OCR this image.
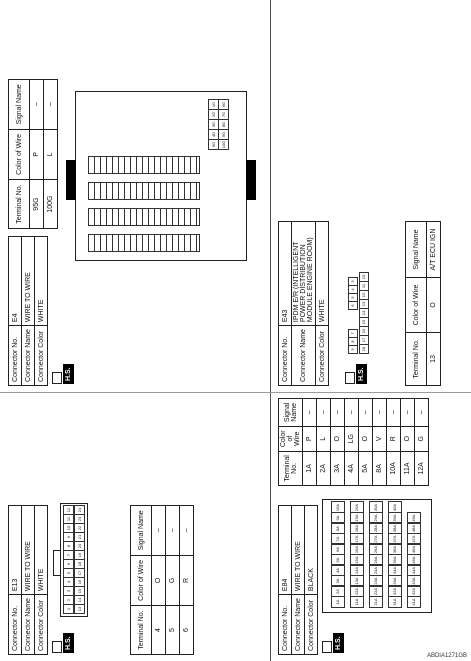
Connector No.	E13
Connector Name	WIRE TO WIRE
Connector Color	WHITE
H.S.
1
2
3
4
5
6
7
8
9
10
11
12
13
14
15
16
17
18
19
20
21
22
23
24
Terminal No.	Color of Wire	Signal Name
4	O	–
5	G	–
6	R	–
Connector No.	E84
Connector Name	WIRE TO WIRE
Connector Color	BLACK
H.S.
1A
2A
3A
4A
5A
6A
7A
8A
9A
10A
11A
12A
13A
14A
15A
16A
17A
18A
19A
20A
21A
22A
23A
24A
25A
26A
27A
28A
29A
30A
31A
32A
33A
34A
35A
36A
37A
38A
39A
40A
41A
42A
43A
44A
45A
46A
47A
48A
49A
Terminal No.	Color of Wire	Signal Name
1A	P	–
2A	L	–
3A	O	–
4A	LG	–
5A	O	–
8A	V	–
10A	R	–
11A	O	–
12A	G	–
Connector No.	E4
Connector Name	WIRE TO WIRE
Connector Color	WHITE
H.S.
5G
4G
3G
2G
1G
10G
9G
8G
7G
6G
Terminal No.	Color of Wire	Signal Name
95G	P	–
100G	L	–
Connector No.	E43
Connector Name	IPDM E/R (INTELLIGENT POWER DISTRIBUTION MODULE ENGINE ROOM)
Connector Color	WHITE
H.S.
9
8
7
6
5
4
3
18
17
16
15
14
13
12
11
10
Terminal No.	Color of Wire	Signal Name
13	O	A/T ECU IGN
ABDIA1271GB
